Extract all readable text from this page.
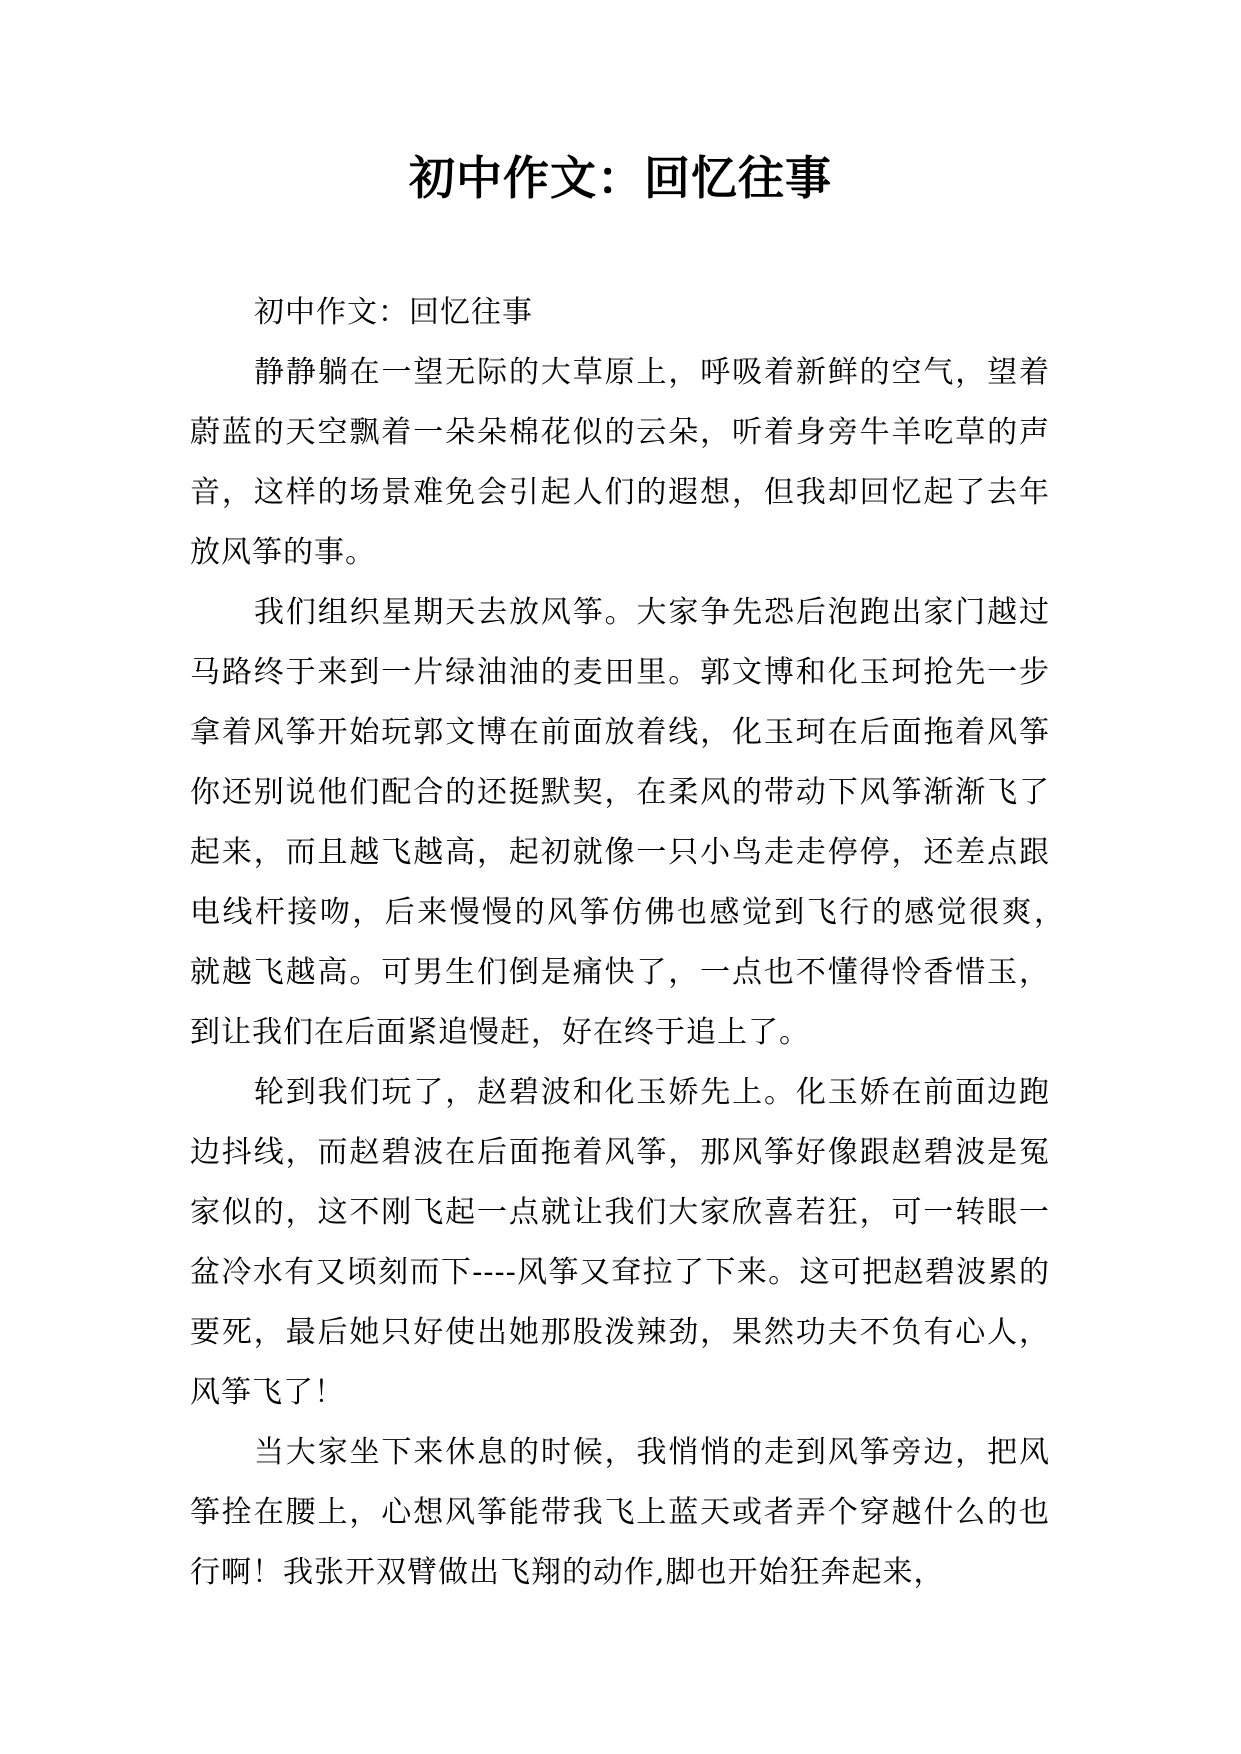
初中作文：回忆往事

初中作文：回忆往事

静静躺在一望无际的大草原上，呼吸着新鲜的空气，望着蔚蓝的天空飘着一朵朵棉花似的云朵，听着身旁牛羊吃草的声音，这样的场景难免会引起人们的遐想，但我却回忆起了去年放风筝的事。

我们组织星期天去放风筝。大家争先恐后泡跑出家门越过马路终于来到一片绿油油的麦田里。郭文博和化玉珂抢先一步拿着风筝开始玩郭文博在前面放着线，化玉珂在后面拖着风筝你还别说他们配合的还挺默契，在柔风的带动下风筝渐渐飞了起来，而且越飞越高，起初就像一只小鸟走走停停，还差点跟电线杆接吻，后来慢慢的风筝仿佛也感觉到飞行的感觉很爽，　就越飞越高。可男生们倒是痛快了，一点也不懂得怜香惜玉，到让我们在后面紧追慢赶，好在终于追上了。

轮到我们玩了，赵碧波和化玉娇先上。化玉娇在前面边跑边抖线，而赵碧波在后面拖着风筝，那风筝好像跟赵碧波是冤家似的，这不刚飞起一点就让我们大家欣喜若狂，可一转眼一盆冷水有又顷刻而下----风筝又耷拉了下来。这可把赵碧波累的要死，最后她只好使出她那股泼辣劲，果然功夫不负有心人，风筝飞了！

当大家坐下来休息的时候，我悄悄的走到风筝旁边，把风筝拴在腰上，心想风筝能带我飞上蓝天或者弄个穿越什么的也行啊！我张开双臂做出飞翔的动作,脚也开始狂奔起来，
